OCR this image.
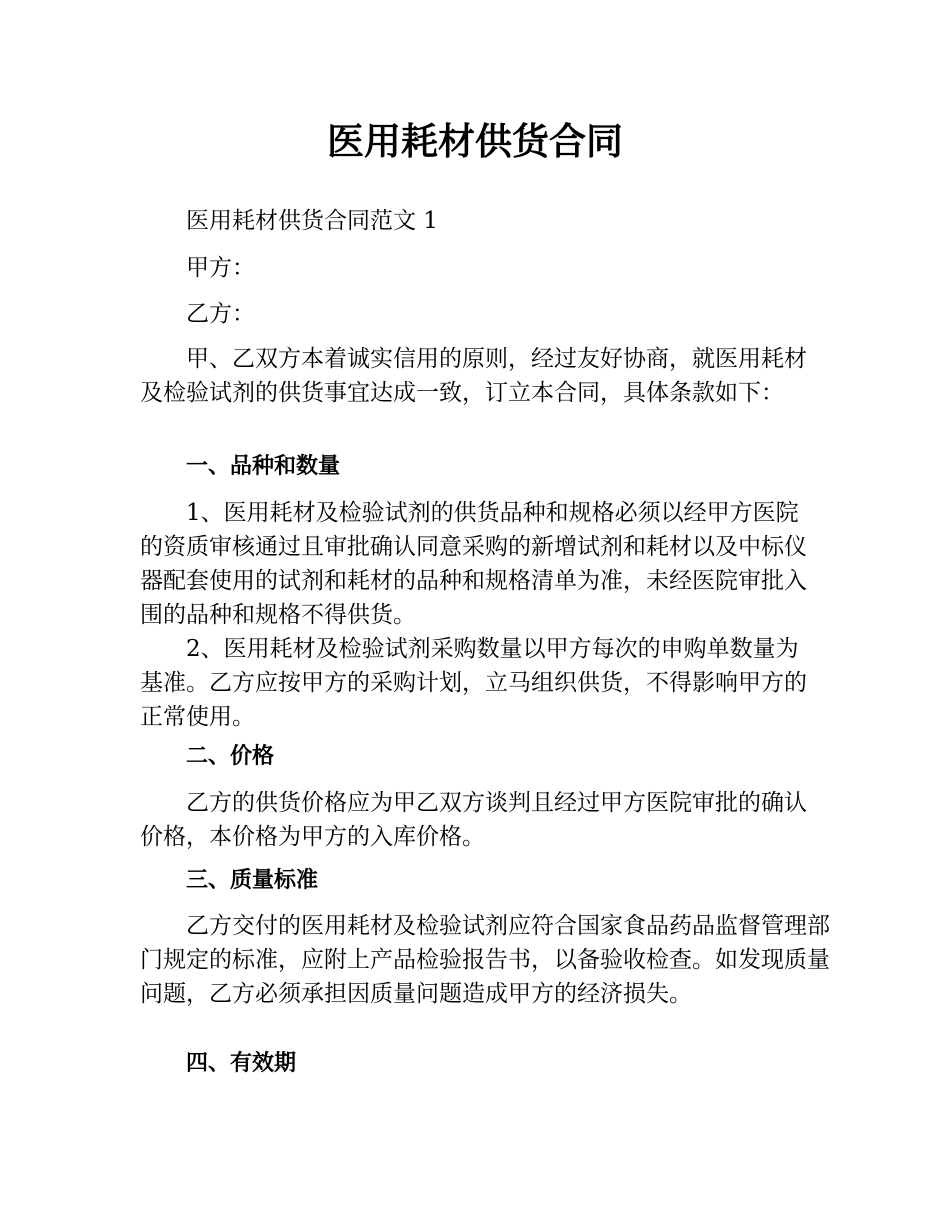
医用耗材供货合同

医用耗材供货合同范文 1

甲方：

乙方：

甲、乙双方本着诚实信用的原则，经过友好协商，就医用耗材及检验试剂的供货事宜达成一致，订立本合同，具体条款如下：

一、品种和数量

1、医用耗材及检验试剂的供货品种和规格必须以经甲方医院的资质审核通过且审批确认同意采购的新增试剂和耗材以及中标仪器配套使用的试剂和耗材的品种和规格清单为准，未经医院审批入围的品种和规格不得供货。

2、医用耗材及检验试剂采购数量以甲方每次的申购单数量为基准。乙方应按甲方的采购计划，立马组织供货，不得影响甲方的正常使用。

二、价格

乙方的供货价格应为甲乙双方谈判且经过甲方医院审批的确认价格，本价格为甲方的入库价格。

三、质量标准

乙方交付的医用耗材及检验试剂应符合国家食品药品监督管理部门规定的标准，应附上产品检验报告书，以备验收检查。如发现质量问题，乙方必须承担因质量问题造成甲方的经济损失。

四、有效期
